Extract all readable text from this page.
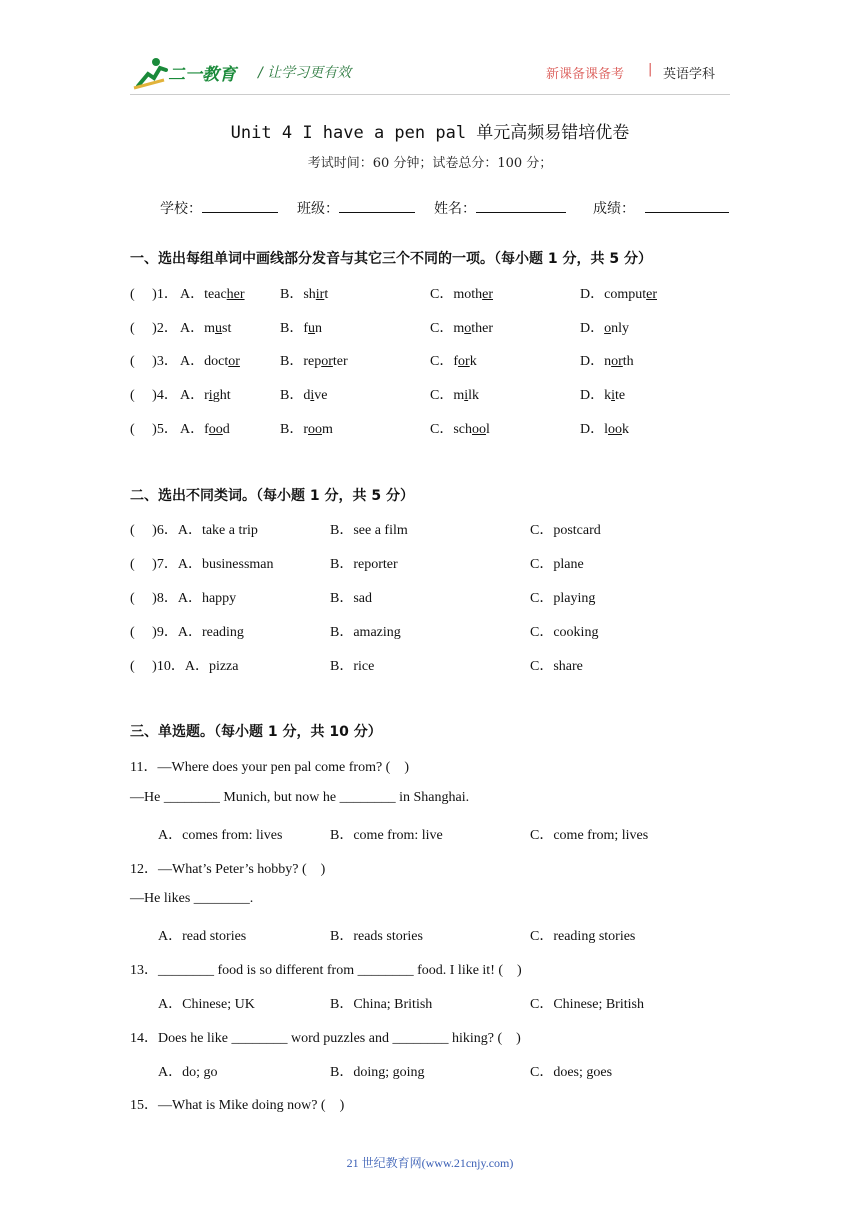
二一教育 / 让学习更有效	新课备课备考 | 英语学科
Unit 4 I have a pen pal 单元高频易错培优卷
考试时间：60 分钟；试卷总分：100 分；
学校：	班级：	姓名：	成绩：
一、选出每组单词中画线部分发音与其它三个不同的一项。（每小题 1 分，共 5 分）
(　 )1． A．teacher	B．shirt	C．mother	D．computer
(　 )2． A．must	B．fun	C．mother	D．only
(　 )3． A．doctor	B．reporter	C．fork	D．north
(　 )4． A．right	B．dive	C．milk	D．kite
(　 )5． A．food	B．room	C．school	D．look
二、选出不同类词。（每小题 1 分，共 5 分）
(　 )6．A．take a trip	B．see a film	C．postcard
(　 )7．A．businessman	B．reporter	C．plane
(　 )8．A．happy	B．sad	C．playing
(　 )9．A．reading	B．amazing	C．cooking
(　 )10．A．pizza	B．rice	C．share
三、单选题。（每小题 1 分，共 10 分）
11．—Where does your pen pal come from? (　)
—He ________ Munich, but now he ________ in Shanghai.
A．comes from: lives	B．come from: live	C．come from; lives
12．—What’s Peter’s hobby? (　)
—He likes ________.
A．read stories	B．reads stories	C．reading stories
13．________ food is so different from ________ food. I like it! (　)
A．Chinese; UK	B．China; British	C．Chinese; British
14．Does he like ________ word puzzles and ________ hiking? (　)
A．do; go	B．doing; going	C．does; goes
15．—What is Mike doing now? (　)
21 世纪教育网(www.21cnjy.com)
